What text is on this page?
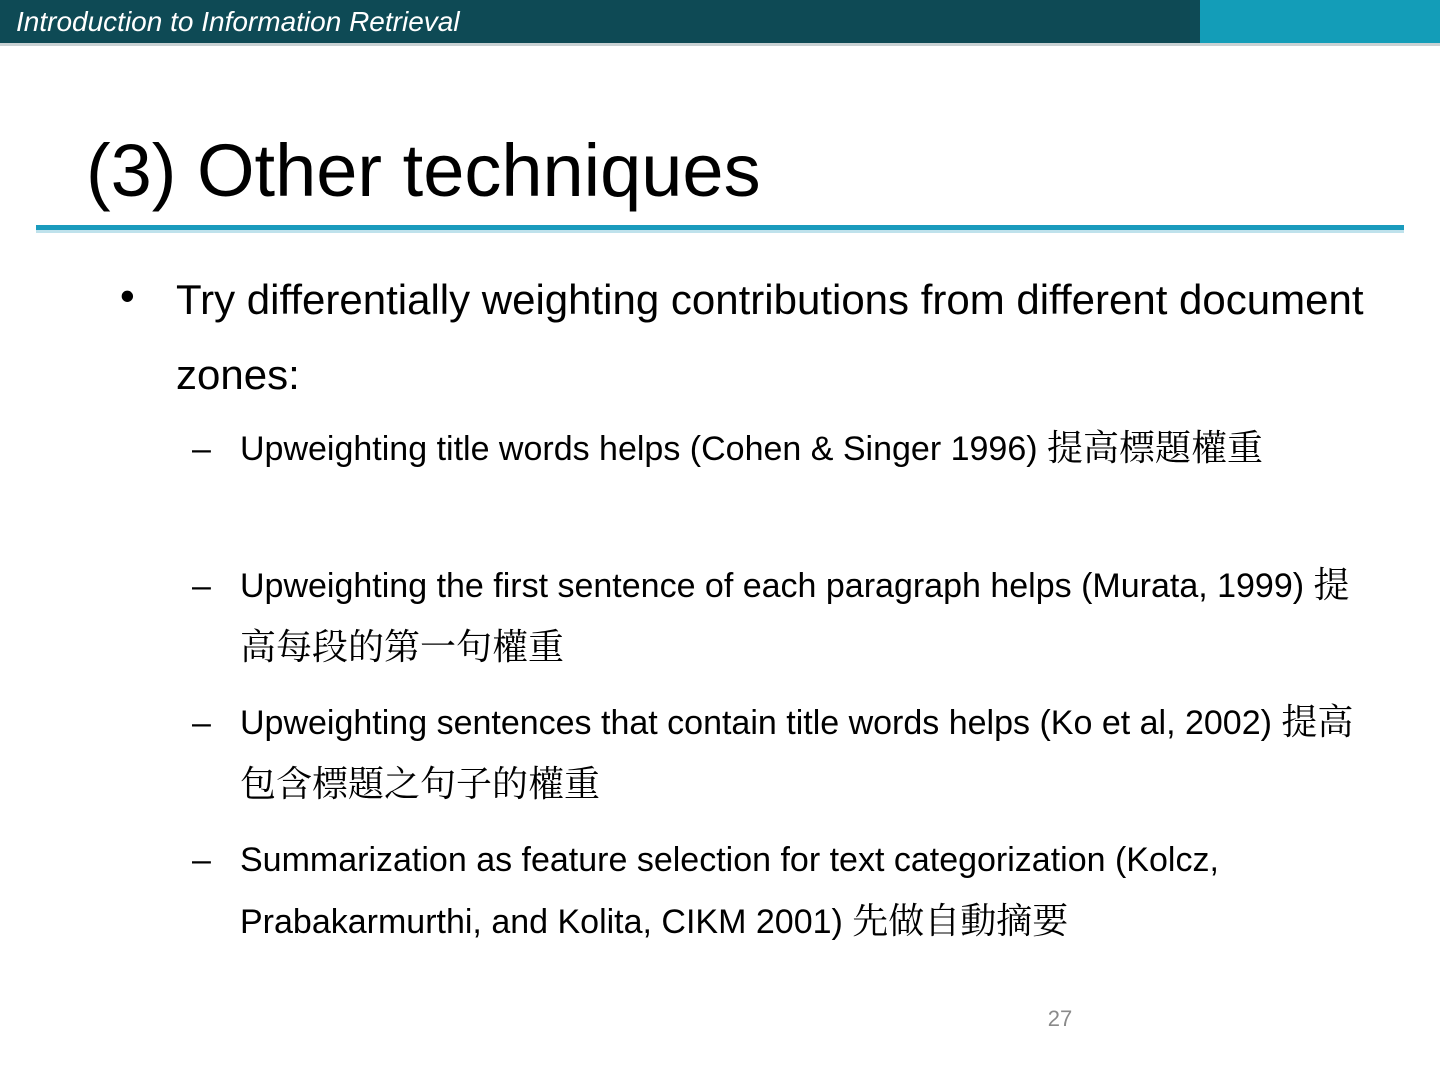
Introduction to Information Retrieval
(3) Other techniques
• Try differentially weighting contributions from different document zones:
– Upweighting title words helps (Cohen & Singer 1996) 提高標題權重
– Upweighting the first sentence of each paragraph helps (Murata, 1999) 提高每段的第一句權重
– Upweighting sentences that contain title words helps (Ko et al, 2002) 提高包含標題之句子的權重
– Summarization as feature selection for text categorization (Kolcz, Prabakarmurthi, and Kolita, CIKM 2001) 先做自動摘要
27
